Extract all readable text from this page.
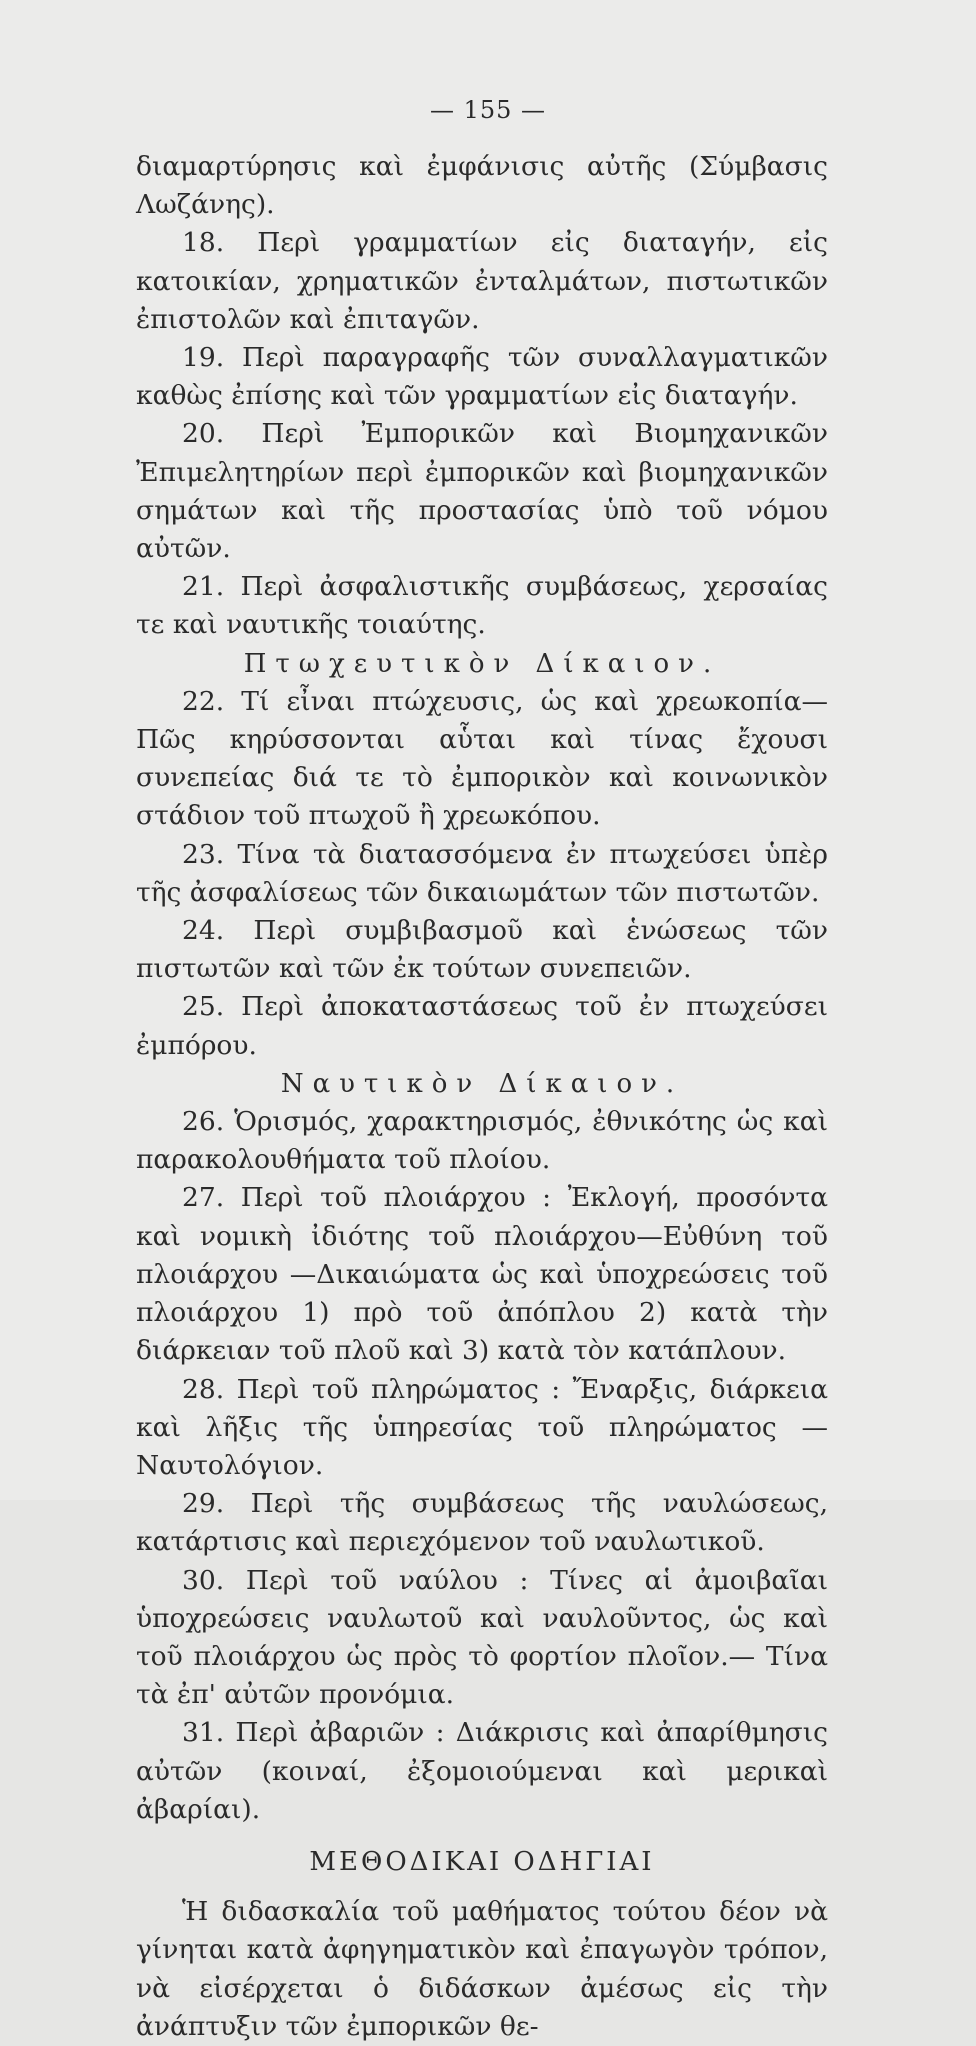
— 155 —

διαμαρτύρησις καὶ ἐμφάνισις αὐτῆς (Σύμβασις Λωζάνης).

18. Περὶ γραμματίων εἰς διαταγήν, εἰς κατοικίαν, χρηματικῶν ἐνταλμάτων, πιστωτικῶν ἐπιστολῶν καὶ ἐπιταγῶν.

19. Περὶ παραγραφῆς τῶν συναλλαγματικῶν καθὼς ἐπίσης καὶ τῶν γραμματίων εἰς διαταγήν.

20. Περὶ Ἐμπορικῶν καὶ Βιομηχανικῶν Ἐπιμελητηρίων περὶ ἐμπορικῶν καὶ βιομηχανικῶν σημάτων καὶ τῆς προστασίας ὑπὸ τοῦ νόμου αὐτῶν.

21. Περὶ ἀσφαλιστικῆς συμβάσεως, χερσαίας τε καὶ ναυτικῆς τοιαύτης.

Πτωχευτικὸν Δίκαιον.

22. Τί εἶναι πτώχευσις, ὡς καὶ χρεωκοπία—Πῶς κηρύσσονται αὗται καὶ τίνας ἔχουσι συνεπείας διά τε τὸ ἐμπορικὸν καὶ κοινωνικὸν στάδιον τοῦ πτωχοῦ ἢ χρεωκόπου.

23. Τίνα τὰ διατασσόμενα ἐν πτωχεύσει ὑπὲρ τῆς ἀσφαλίσεως τῶν δικαιωμάτων τῶν πιστωτῶν.

24. Περὶ συμβιβασμοῦ καὶ ἑνώσεως τῶν πιστωτῶν καὶ τῶν ἐκ τούτων συνεπειῶν.

25. Περὶ ἀποκαταστάσεως τοῦ ἐν πτωχεύσει ἐμπόρου.

Ναυτικὸν Δίκαιον.

26. Ὁρισμός, χαρακτηρισμός, ἐθνικότης ὡς καὶ παρακολουθήματα τοῦ πλοίου.

27. Περὶ τοῦ πλοιάρχου : Ἐκλογή, προσόντα καὶ νομικὴ ἰδιότης τοῦ πλοιάρχου—Εὐθύνη τοῦ πλοιάρχου —Δικαιώματα ὡς καὶ ὑποχρεώσεις τοῦ πλοιάρχου 1) πρὸ τοῦ ἀπόπλου 2) κατὰ τὴν διάρκειαν τοῦ πλοῦ καὶ 3) κατὰ τὸν κατάπλουν.

28. Περὶ τοῦ πληρώματος : Ἔναρξις, διάρκεια καὶ λῆξις τῆς ὑπηρεσίας τοῦ πληρώματος — Ναυτολόγιον.

29. Περὶ τῆς συμβάσεως τῆς ναυλώσεως, κατάρτισις καὶ περιεχόμενον τοῦ ναυλωτικοῦ.

30. Περὶ τοῦ ναύλου : Τίνες αἱ ἀμοιβαῖαι ὑποχρεώσεις ναυλωτοῦ καὶ ναυλοῦντος, ὡς καὶ τοῦ πλοιάρχου ὡς πρὸς τὸ φορτίον πλοῖον.— Τίνα τὰ ἐπ' αὐτῶν προνόμια.

31. Περὶ ἀβαριῶν : Διάκρισις καὶ ἀπαρίθμησις αὐτῶν (κοιναί, ἐξομοιούμεναι καὶ μερικαὶ ἀβαρίαι).

ΜΕΘΟΔΙΚΑΙ ΟΔΗΓΙΑΙ

Ἡ διδασκαλία τοῦ μαθήματος τούτου δέον νὰ γίνηται κατὰ ἀφηγηματικὸν καὶ ἐπαγωγὸν τρόπον, νὰ εἰσέρχεται ὁ διδάσκων ἀμέσως εἰς τὴν ἀνάπτυξιν τῶν ἐμπορικῶν θε-
